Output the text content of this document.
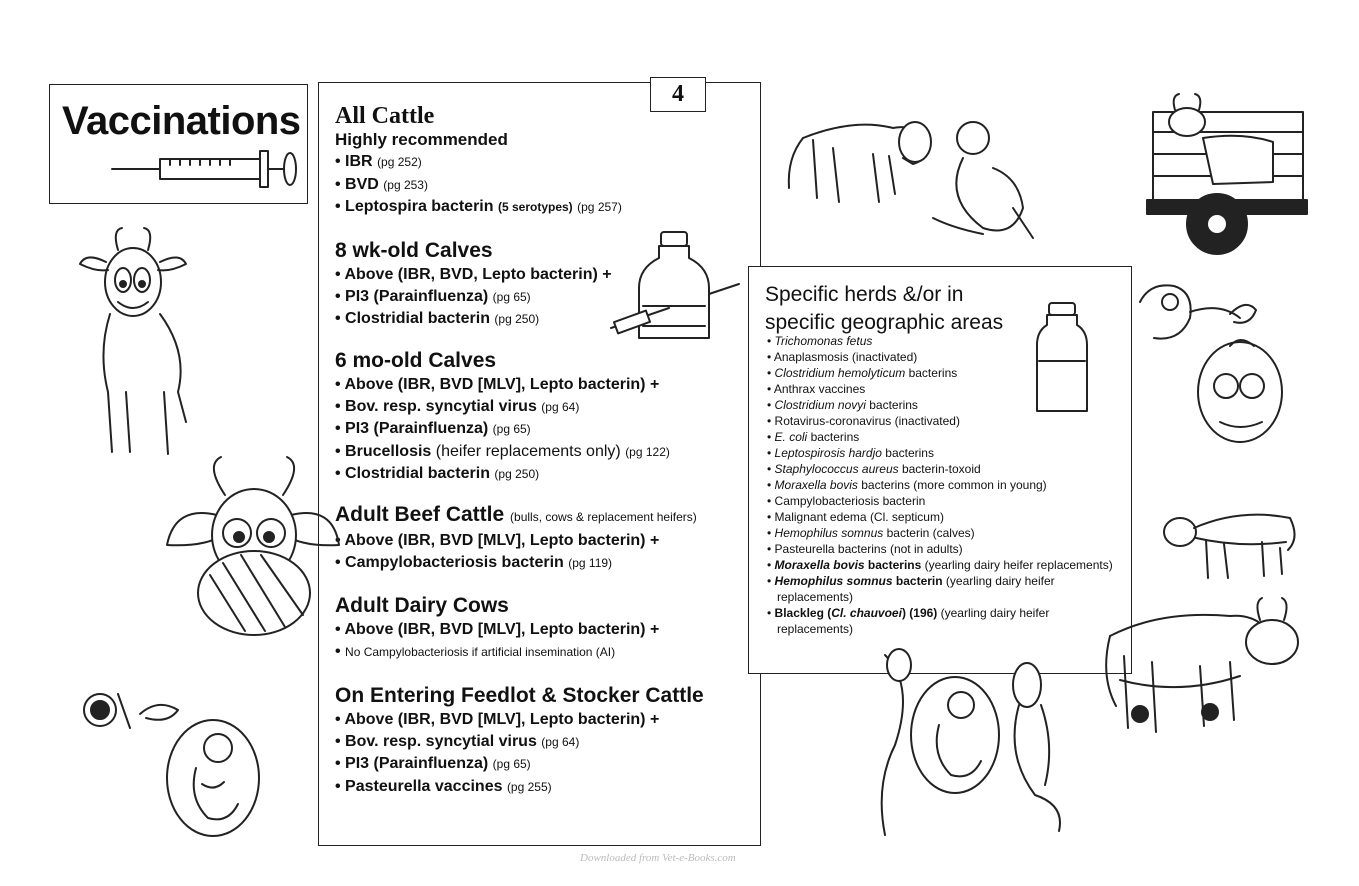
Vaccinations All Cattle
Highly recommended
• IBR (pg 252)
• BVD (pg 253)
• Leptospira bacterin (5 serotypes) (pg 257)
8 wk-old Calves
• Above (IBR, BVD, Lepto bacterin) +
• PI3 (Parainfluenza) (pg 65)
• Clostridial bacterin (pg 250)
6 mo-old Calves
• Above (IBR, BVD [MLV], Lepto bacterin) +
• Bov. resp. syncytial virus (pg 64)
• PI3 (Parainfluenza) (pg 65)
• Brucellosis (heifer replacements only) (pg 122)
• Clostridial bacterin (pg 250)
Adult Beef Cattle (bulls, cows & replacement heifers)
• Above (IBR, BVD [MLV], Lepto bacterin) +
• Campylobacteriosis bacterin (pg 119)
Adult Dairy Cows
• Above (IBR, BVD [MLV], Lepto bacterin) +
• No Campylobacteriosis if artificial insemination (AI)
On Entering Feedlot & Stocker Cattle
• Above (IBR, BVD [MLV], Lepto bacterin) +
• Bov. resp. syncytial virus (pg 64)
• PI3 (Parainfluenza) (pg 65)
• Pasteurella vaccines (pg 255)
4
Specific herds &/or in
specific geographic areas
• Trichomonas fetus
• Anaplasmosis (inactivated)
• Clostridium hemolyticum bacterins
• Anthrax vaccines
• Clostridium novyi bacterins
• Rotavirus-coronavirus (inactivated)
• E. coli bacterins
• Leptospirosis hardjo bacterins
• Staphylococcus aureus bacterin-toxoid
• Moraxella bovis bacterins (more common in young)
• Campylobacteriosis bacterin
• Malignant edema (Cl. septicum)
• Hemophilus somnus bacterin (calves)
• Pasteurella bacterins (not in adults)
• Moraxella bovis bacterins (yearling dairy heifer replacements)
• Hemophilus somnus bacterin (yearling dairy heifer replacements)
• Blackleg (Cl. chauvoei) (196) (yearling dairy heifer replacements)
Downloaded from Vet-e-Books.com
